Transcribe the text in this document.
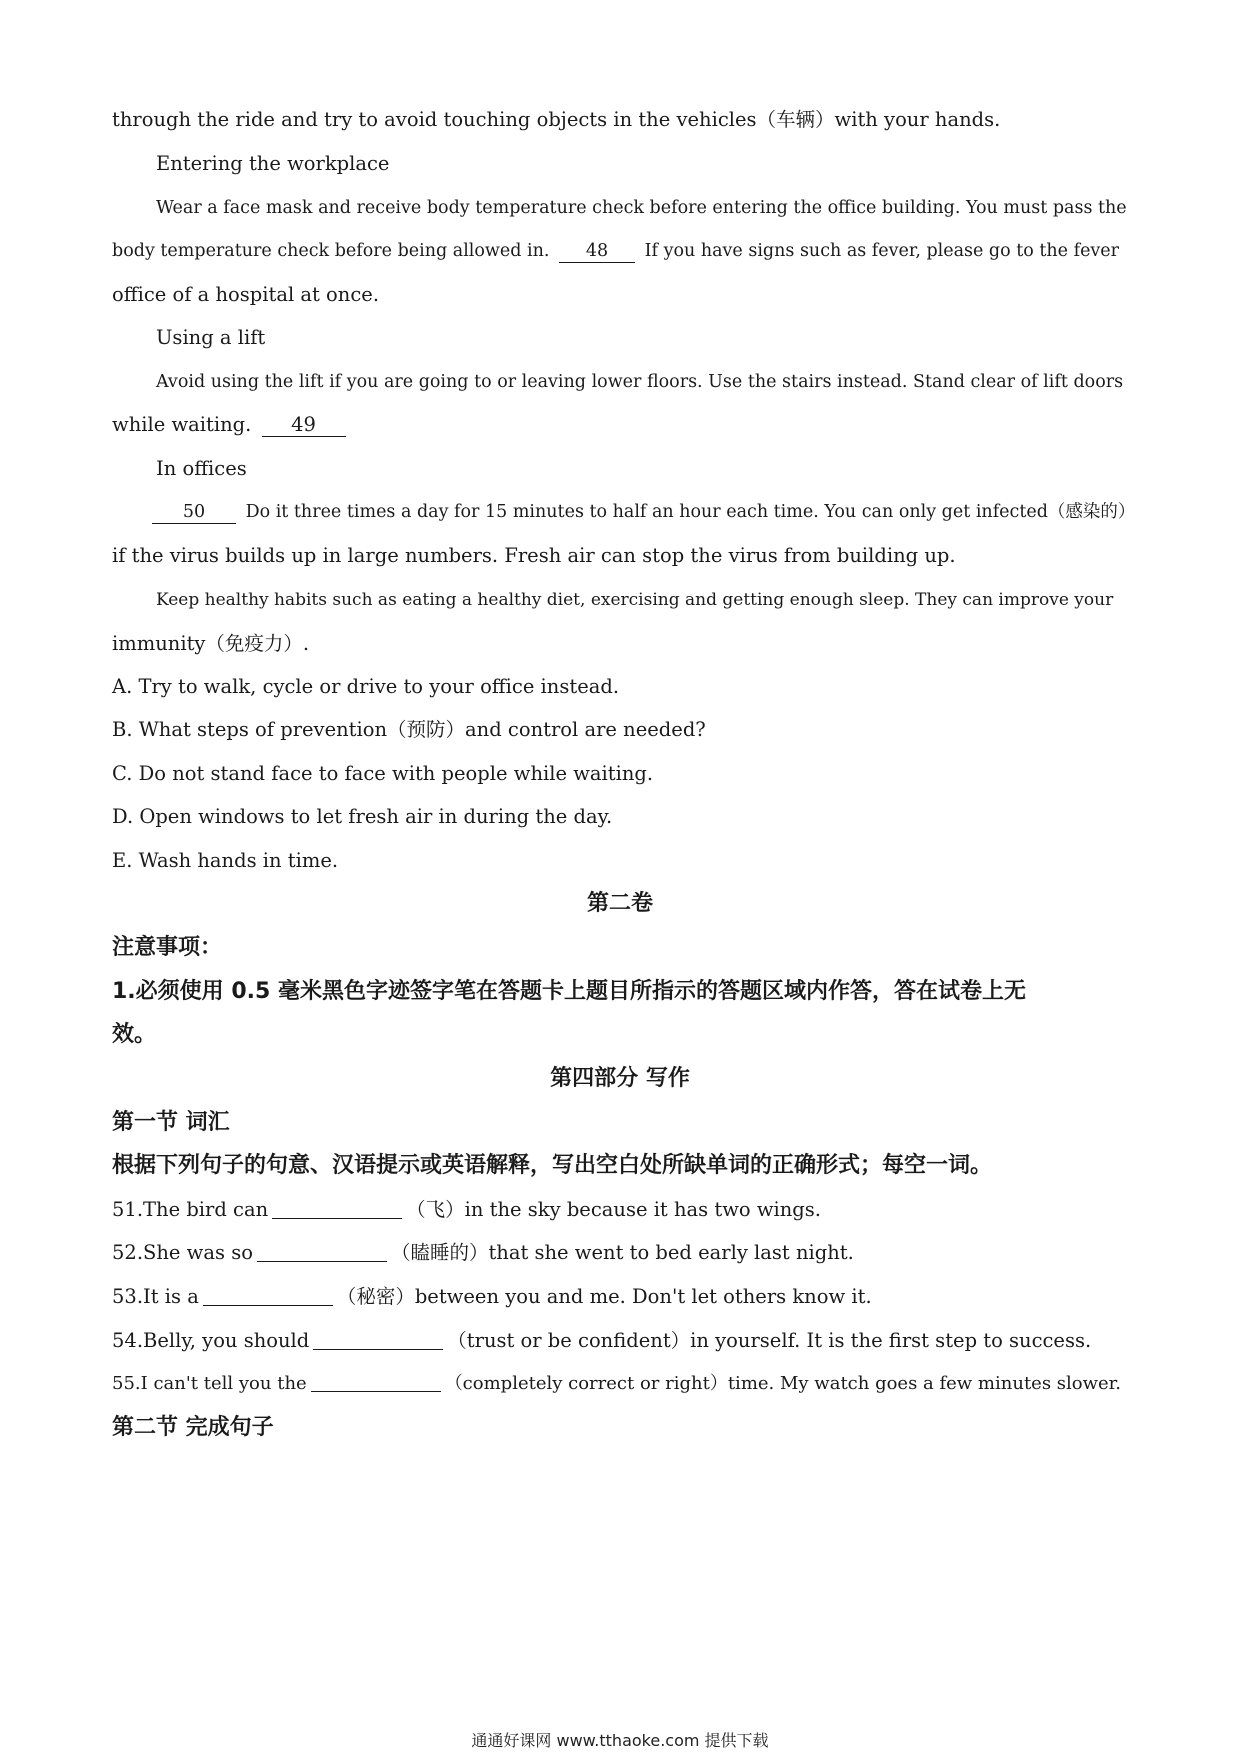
through the ride and try to avoid touching objects in the vehicles（车辆）with your hands.
Entering the workplace
Wear a face mask and receive body temperature check before entering the office building. You must pass the
body temperature check before being allowed in. 48 If you have signs such as fever, please go to the fever
office of a hospital at once.
Using a lift
Avoid using the lift if you are going to or leaving lower floors. Use the stairs instead. Stand clear of lift doors
while waiting. 49
In offices
50 Do it three times a day for 15 minutes to half an hour each time. You can only get infected（感染的）
if the virus builds up in large numbers. Fresh air can stop the virus from building up.
Keep healthy habits such as eating a healthy diet, exercising and getting enough sleep. They can improve your
immunity（免疫力）.
A. Try to walk, cycle or drive to your office instead.
B. What steps of prevention（预防）and control are needed?
C. Do not stand face to face with people while waiting.
D. Open windows to let fresh air in during the day.
E. Wash hands in time.
第二卷
注意事项：
1.必须使用 0.5 毫米黑色字迹签字笔在答题卡上题目所指示的答题区域内作答，答在试卷上无
效。
第四部分 写作
第一节 词汇
根据下列句子的句意、汉语提示或英语解释，写出空白处所缺单词的正确形式；每空一词。
51.The bird can	（飞）in the sky because it has two wings.
52.She was so	（瞌睡的）that she went to bed early last night.
53.It is a	（秘密）between you and me. Don't let others know it.
54.Belly, you should	（trust or be confident）in yourself. It is the first step to success.
55.I can't tell you the	（completely correct or right）time. My watch goes a few minutes slower.
第二节 完成句子
通通好课网 www.tthaoke.com 提供下载
